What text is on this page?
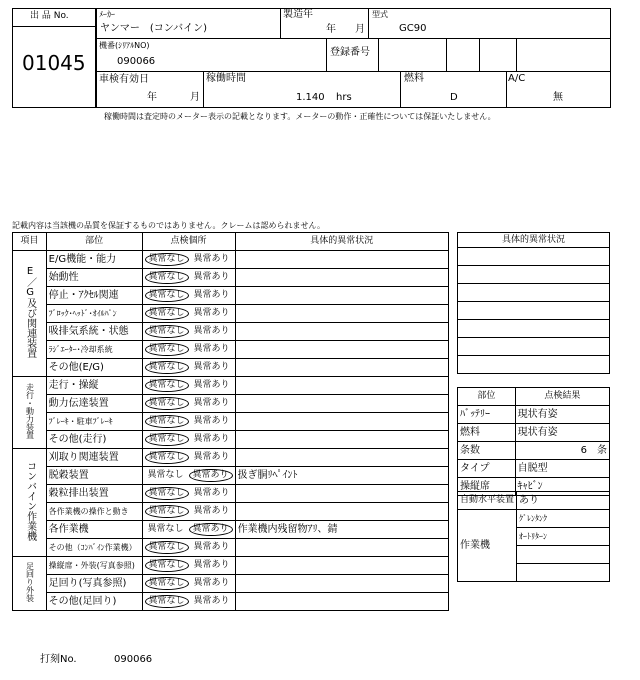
出 品 No.
01045
ﾒｰｶｰ
ヤンマー　(コンバイン)
製造年
年 月
型式
GC90
機番(ｼﾘｱﾙNO)
090066
登録番号
車検有効日
年	月
稼働時間
1.140 hrs
燃料
D
A/C
無
稼働時間は査定時のメーター表示の記載となります。メーターの動作・正確性については保証いたしません。
記載内容は当該機の品質を保証するものではありません。クレームは認められません。
項目	部位	点検個所	具体的異常状況
E／G及び関連装置	E/G機能・能力	異常なし 異常あり	
	始動性	異常なし 異常あり	
	停止・ｱｸｾﾙ関連	異常なし 異常あり	
	ﾌﾞﾛｯｸ･ﾍｯﾄﾞ･ｵｲﾙﾊﾟﾝ	異常なし 異常あり	
	吸排気系統・状態	異常なし 異常あり	
	ﾗｼﾞｴｰﾀｰ･冷却系統	異常なし 異常あり	
	その他(E/G)	異常なし 異常あり	
走行・動力装置	走行・操縦	異常なし 異常あり	
	動力伝達装置	異常なし 異常あり	
	ﾌﾞﾚｰｷ・駐車ﾌﾞﾚｰｷ	異常なし 異常あり	
	その他(走行)	異常なし 異常あり	
コンバイン作業機	刈取り関連装置	異常なし 異常あり	
	脱穀装置	異常なし 異常あり	扱ぎ胴ﾘﾍﾟｲﾝﾄ
	穀粒排出装置	異常なし 異常あり	
	各作業機の操作と動き	異常なし 異常あり	
	各作業機	異常なし 異常あり	作業機内残留物ｱﾘ、錆
	その他（ｺﾝﾊﾞｲﾝ作業機）	異常なし 異常あり	
足回り外装	操縦席・外装(写真参照)	異常なし 異常あり	
	足回り(写真参照)	異常なし 異常あり	
	その他(足回り)	異常なし 異常あり	
具体的異常状況

部位	点検結果
ﾊﾞｯﾃﾘｰ	現状有姿
燃料	現状有姿
条数	6　条
タイプ	自脱型
操縦席	ｷｬﾋﾞﾝ
自動水平装置	あり
作業機	ｸﾞﾚﾝﾀﾝｸ
	ｵｰﾄﾘﾀｰﾝ

打刻No.	090066
